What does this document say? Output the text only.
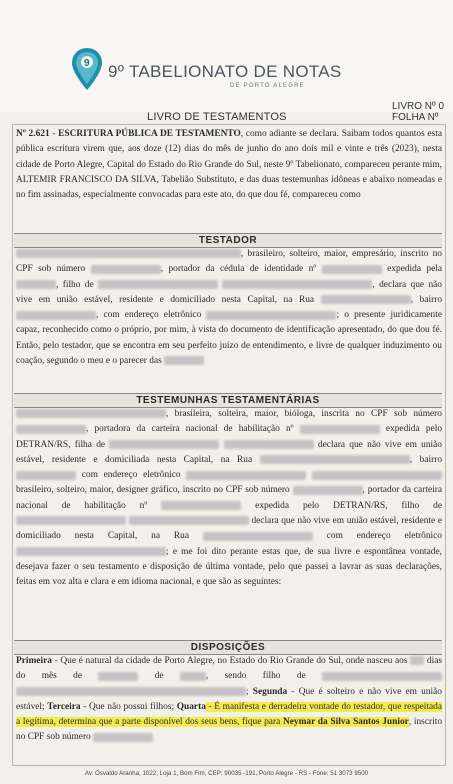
9 9º TABELIONATO DE NOTAS
DE PORTO ALEGRE
LIVRO DE TESTAMENTOS
LIVRO Nº 0
FOLHA Nº
Nº 2.621 - ESCRITURA PÚBLICA DE TESTAMENTO, como adiante se declara. Saibam todos quantos esta pública escritura virem que, aos doze (12) dias do mês de junho do ano dois mil e vinte e três (2023), nesta cidade de Porto Alegre, Capital do Estado do Rio Grande do Sul, neste 9º Tabelionato, compareceu perante mim, ALTEMIR FRANCISCO DA SILVA, Tabelião Substituto, e das duas testemunhas idôneas e abaixo nomeadas e no fim assinadas, especialmente convocadas para este ato, do que dou fé, compareceu como
TESTADOR
, brasileiro, solteiro, maior, empresário, inscrito no CPF sob número	, portador da cédula de identidade nº	expedida pela , filho de	, declara que não vive em união estável, residente e domiciliado nesta Capital, na Rua	, bairro , com endereço eletrônico	; o presente juridicamente capaz, reconhecido como o próprio, por mim, à vista do documento de identificação apresentado, do que dou fé. Então, pelo testador, que se encontra em seu perfeito juízo de entendimento, e livre de qualquer induzimento ou coação, segundo o meu e o parecer das
TESTEMUNHAS TESTAMENTÁRIAS
, brasileira, solteira, maior, bióloga, inscrita no CPF sob número , portadora da carteira nacional de habilitação nº	expedida pelo DETRAN/RS, filha de	declara que não vive em união estável, residente e domiciliada nesta Capital, na Rua	, bairro  com endereço eletrônico   brasileiro, solteiro, maior, designer gráfico, inscrito no CPF sob número	, portador da carteira nacional de habilitação nº	expedida pelo DETRAN/RS, filho de   declara que não vive em união estável, residente e domiciliado nesta Capital, na Rua	com endereço eletrônico ; e me foi dito perante estas que, de sua livre e espontânea vontade, desejava fazer o seu testamento e disposição de última vontade, pelo que passei a lavrar as suas declarações, feitas em voz alta e clara e em idioma nacional, e que são as seguintes:
DISPOSIÇÕES
Primeira - Que é natural da cidade de Porto Alegre, no Estado do Rio Grande do Sul, onde nasceu aos dias do mês de	de	, sendo filho de  ; Segunda - Que é solteiro e não vive em união estável; Terceira - Que não possui filhos; Quarta - É manifesta e derradeira vontade do testador, que respeitada a legítima, determina que a parte disponível dos seus bens, fique para Neymar da Silva Santos Junior, inscrito no CPF sob número
Av. Osvaldo Aranha, 1022, Loja 1, Bom Fim, CEP: 90035 -191, Porto Alegre - RS - Fone: 51 3073 9500
